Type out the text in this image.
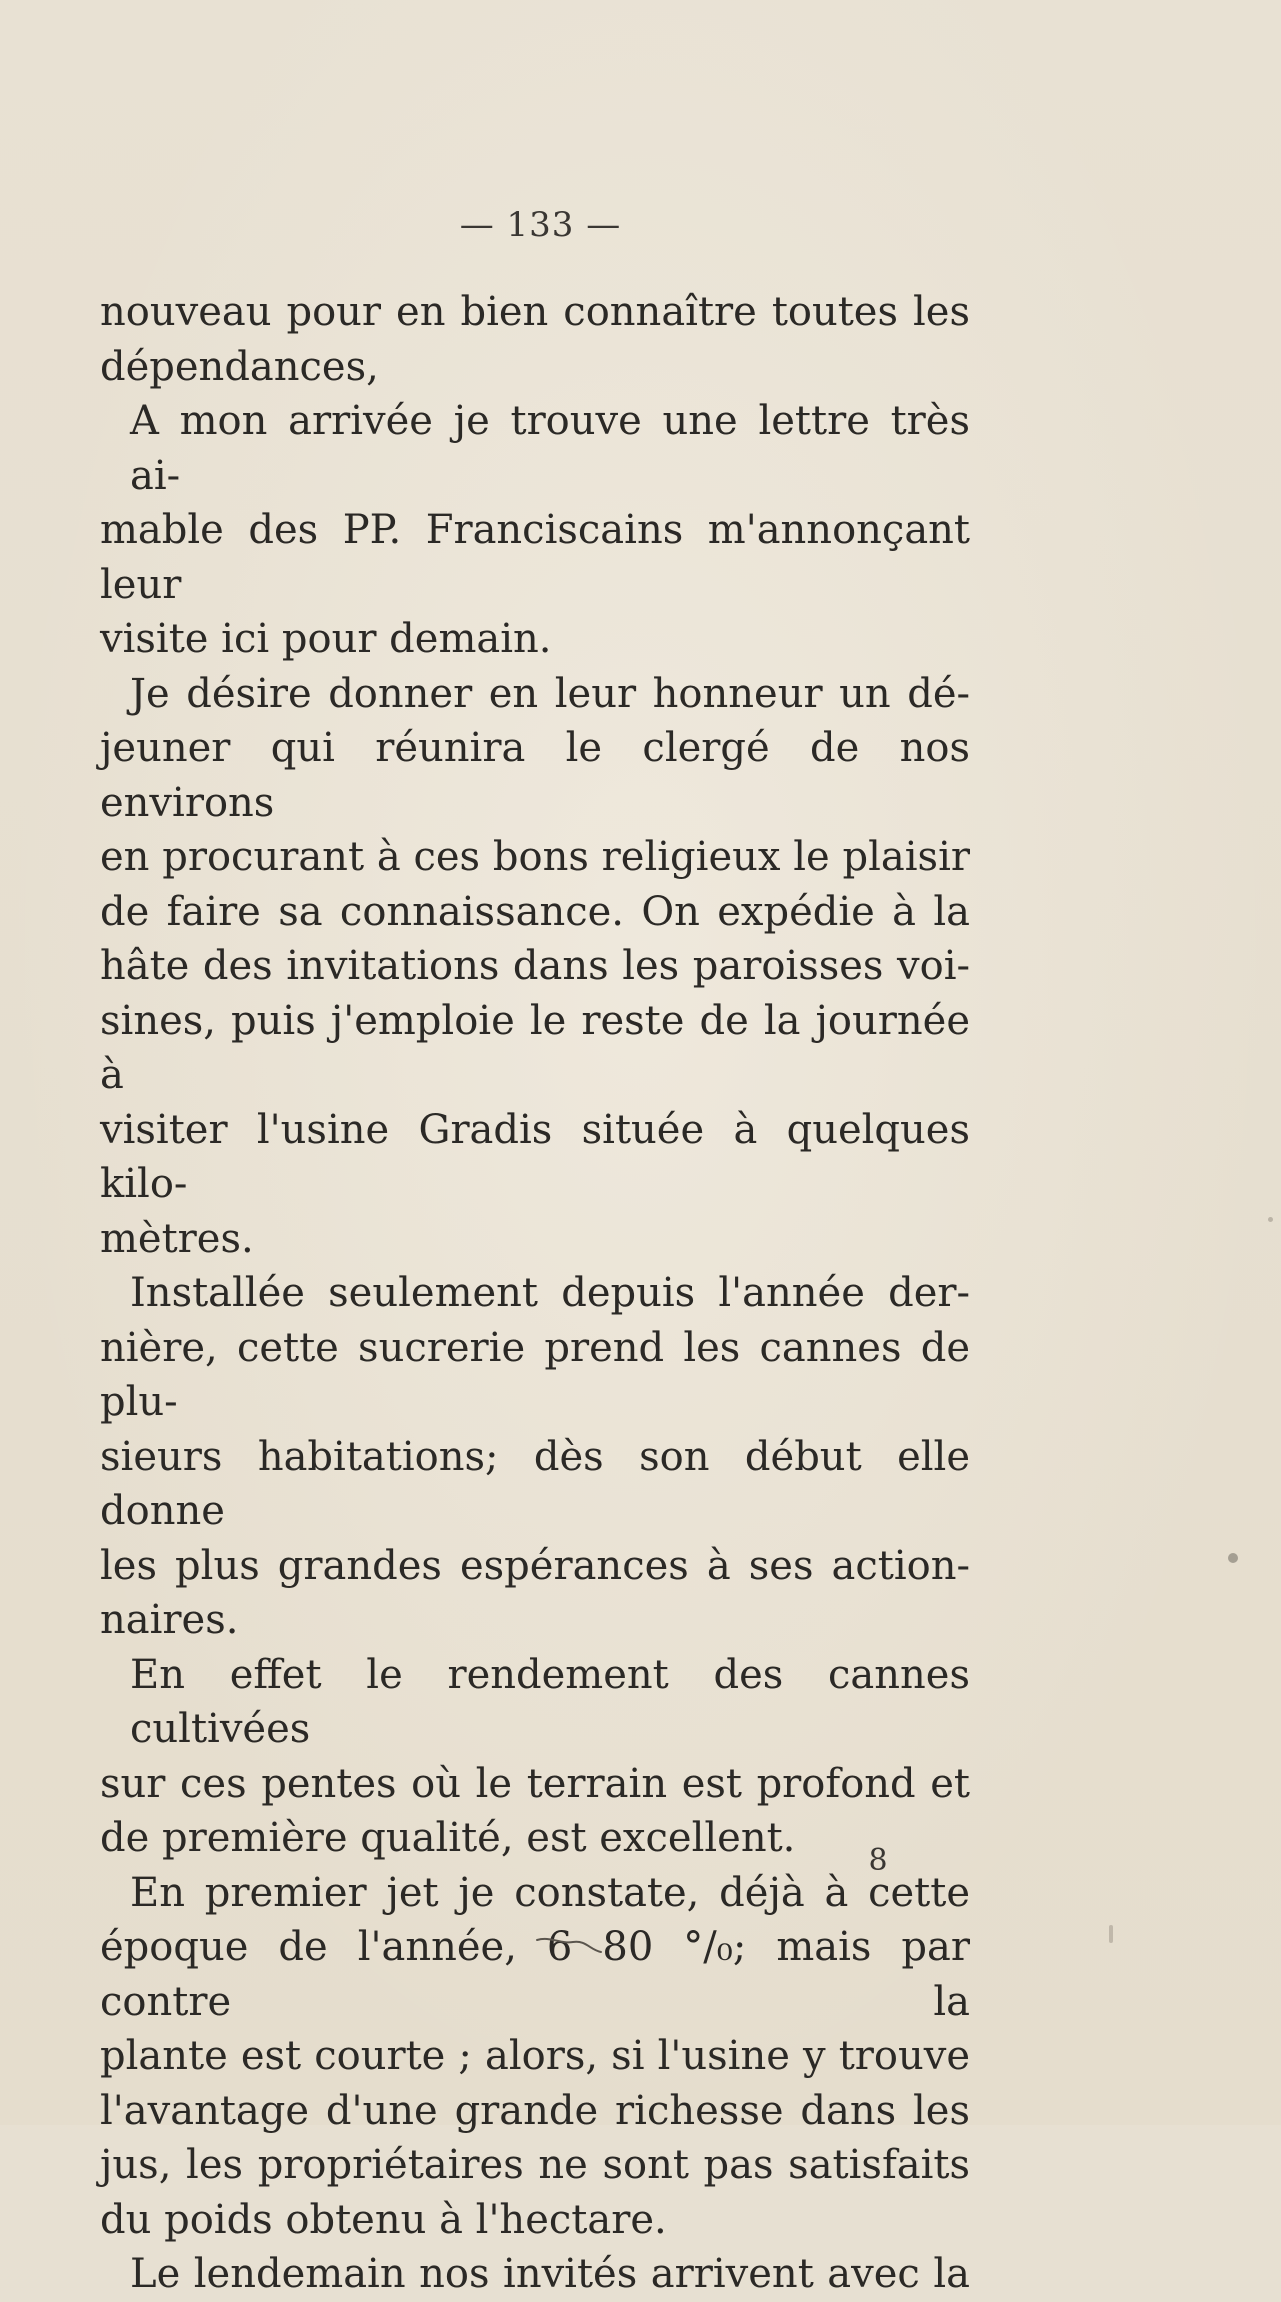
— 133 —
nouveau pour en bien connaître toutes les
dépendances,
A mon arrivée je trouve une lettre très ai-
mable des PP. Franciscains m'annonçant leur
visite ici pour demain.
Je désire donner en leur honneur un dé-
jeuner qui réunira le clergé de nos environs
en procurant à ces bons religieux le plaisir
de faire sa connaissance. On expédie à la
hâte des invitations dans les paroisses voi-
sines, puis j'emploie le reste de la journée à
visiter l'usine Gradis située à quelques kilo-
mètres.
Installée seulement depuis l'année der-
nière, cette sucrerie prend les cannes de plu-
sieurs habitations; dès son début elle donne
les plus grandes espérances à ses action-
naires.
En effet le rendement des cannes cultivées
sur ces pentes où le terrain est profond et
de première qualité, est excellent.
En premier jet je constate, déjà à cette
époque de l'année, 6 80 °/₀; mais par contre la
plante est courte ; alors, si l'usine y trouve
l'avantage d'une grande richesse dans les
jus, les propriétaires ne sont pas satisfaits
du poids obtenu à l'hectare.
Le lendemain nos invités arrivent avec la
8
